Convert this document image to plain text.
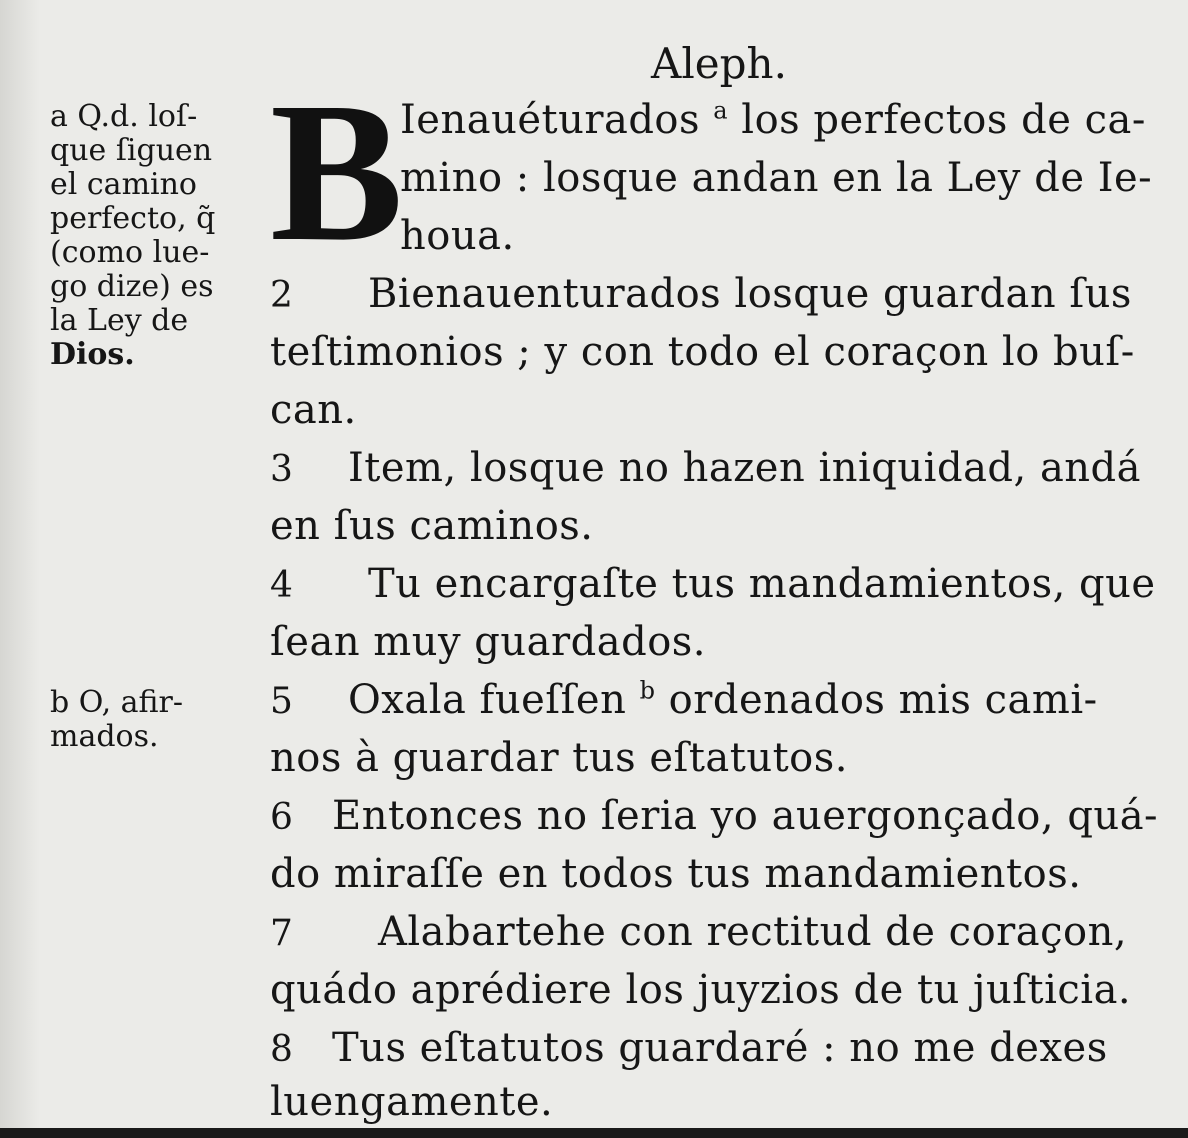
Aleph.
B
Ienauéturados $^a$ los perfectos de ca-
mino : losque andan en la Ley de Ie-
houa.
2 Bienauenturados losque guardan ſus
teſtimonios ; y con todo el coraçon lo buſ-
can.
3 Item, losque no hazen iniquidad, andá
en ſus caminos.
4 Tu encargaſte tus mandamientos, que
ſean muy guardados.
5 Oxala fueſſen $^b$ ordenados mis cami-
nos à guardar tus eſtatutos.
6 Entonces no ſeria yo auergonçado, quá-
do miraſſe en todos tus mandamientos.
7 Alabartehe con rectitud de coraçon,
quádo aprédiere los juyzios de tu juſticia.
8 Tus eſtatutos guardaré : no me dexes
luengamente.
a Q.d. loſ-
que ſiguen
el camino
perfecto, q̃
(como lue-
go dize) es
la Ley de
Dios.
b O, afir-
mados.
